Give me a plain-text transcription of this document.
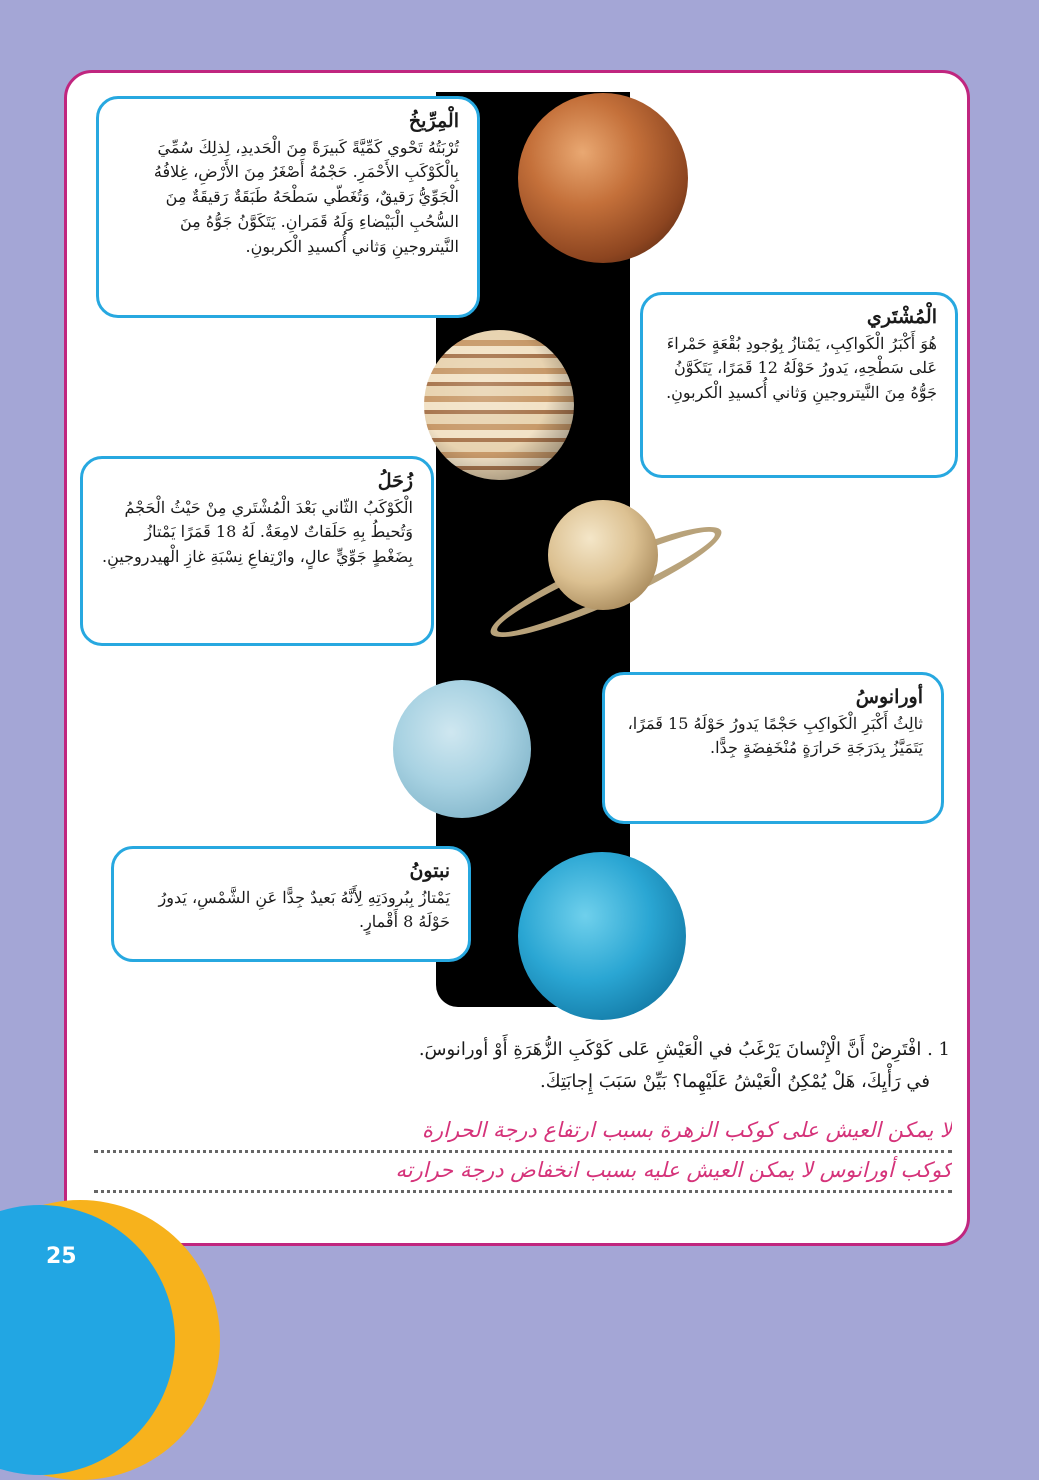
الْمِرِّيخُ
تُرْبَتُهُ تَحْوي كَمِّيَّةً كَبيرَةً مِنَ الْحَديدِ، لِذلِكَ سُمِّيَ بِالْكَوْكَبِ الأَحْمَرِ. حَجْمُهُ أَصْغَرُ مِنَ الأَرْضِ، غِلافُهُ الْجَوِّيُّ رَقيقٌ، وَتُغَطّي سَطْحَهُ طَبَقَةٌ رَقيقَةٌ مِنَ السُّحُبِ الْبَيْضاءِ وَلَهُ قَمَرانِ. يَتَكَوَّنُ جَوُّهُ مِنَ النَّيتروجينِ وَثاني أُكسيدِ الْكربونِ.
الْمُشْتَري
هُوَ أَكْبَرُ الْكَواكِبِ، يَمْتازُ بِوُجودِ بُقْعَةٍ حَمْراءَ عَلى سَطْحِهِ، يَدورُ حَوْلَهُ 12 قَمَرًا، يَتَكَوَّنُ جَوُّهُ مِنَ النَّيتروجينِ وَثاني أُكسيدِ الْكربونِ.
زُحَلُ
الْكَوْكَبُ الثّاني بَعْدَ الْمُشْتَري مِنْ حَيْثُ الْحَجْمُ وَتُحيطُ بِهِ حَلَقاتٌ لامِعَةٌ. لَهُ 18 قَمَرًا يَمْتازُ بِضَغْطٍ جَوِّيٍّ عالٍ، وارْتِفاعِ نِسْبَةِ غازِ الْهيدروجينِ.
أورانوسُ
ثالِثُ أَكْبَرِ الْكَواكِبِ حَجْمًا يَدورُ حَوْلَهُ 15 قَمَرًا، يَتَمَيَّزُ بِدَرَجَةِ حَرارَةٍ مُنْخَفِضَةٍ جِدًّا.
نبتونُ
يَمْتازُ بِبُرودَتِهِ لِأَنَّهُ بَعيدٌ جِدًّا عَنِ الشَّمْسِ، يَدورُ حَوْلَهُ 8 أَقْمارٍ.
1 . افْتَرِضْ أَنَّ الْإِنْسانَ يَرْغَبُ في الْعَيْشِ عَلى كَوْكَبِ الزُّهَرَةِ أَوْ أورانوسَ.
في رَأْيِكَ، هَلْ يُمْكِنُ الْعَيْشُ عَلَيْهِما؟ بَيِّنْ سَبَبَ إِجابَتِكَ.
لا يمكن العيش على كوكب الزهرة بسبب ارتفاع درجة الحرارة
كوكب أورانوس لا يمكن العيش عليه بسبب انخفاض درجة حرارته
25
